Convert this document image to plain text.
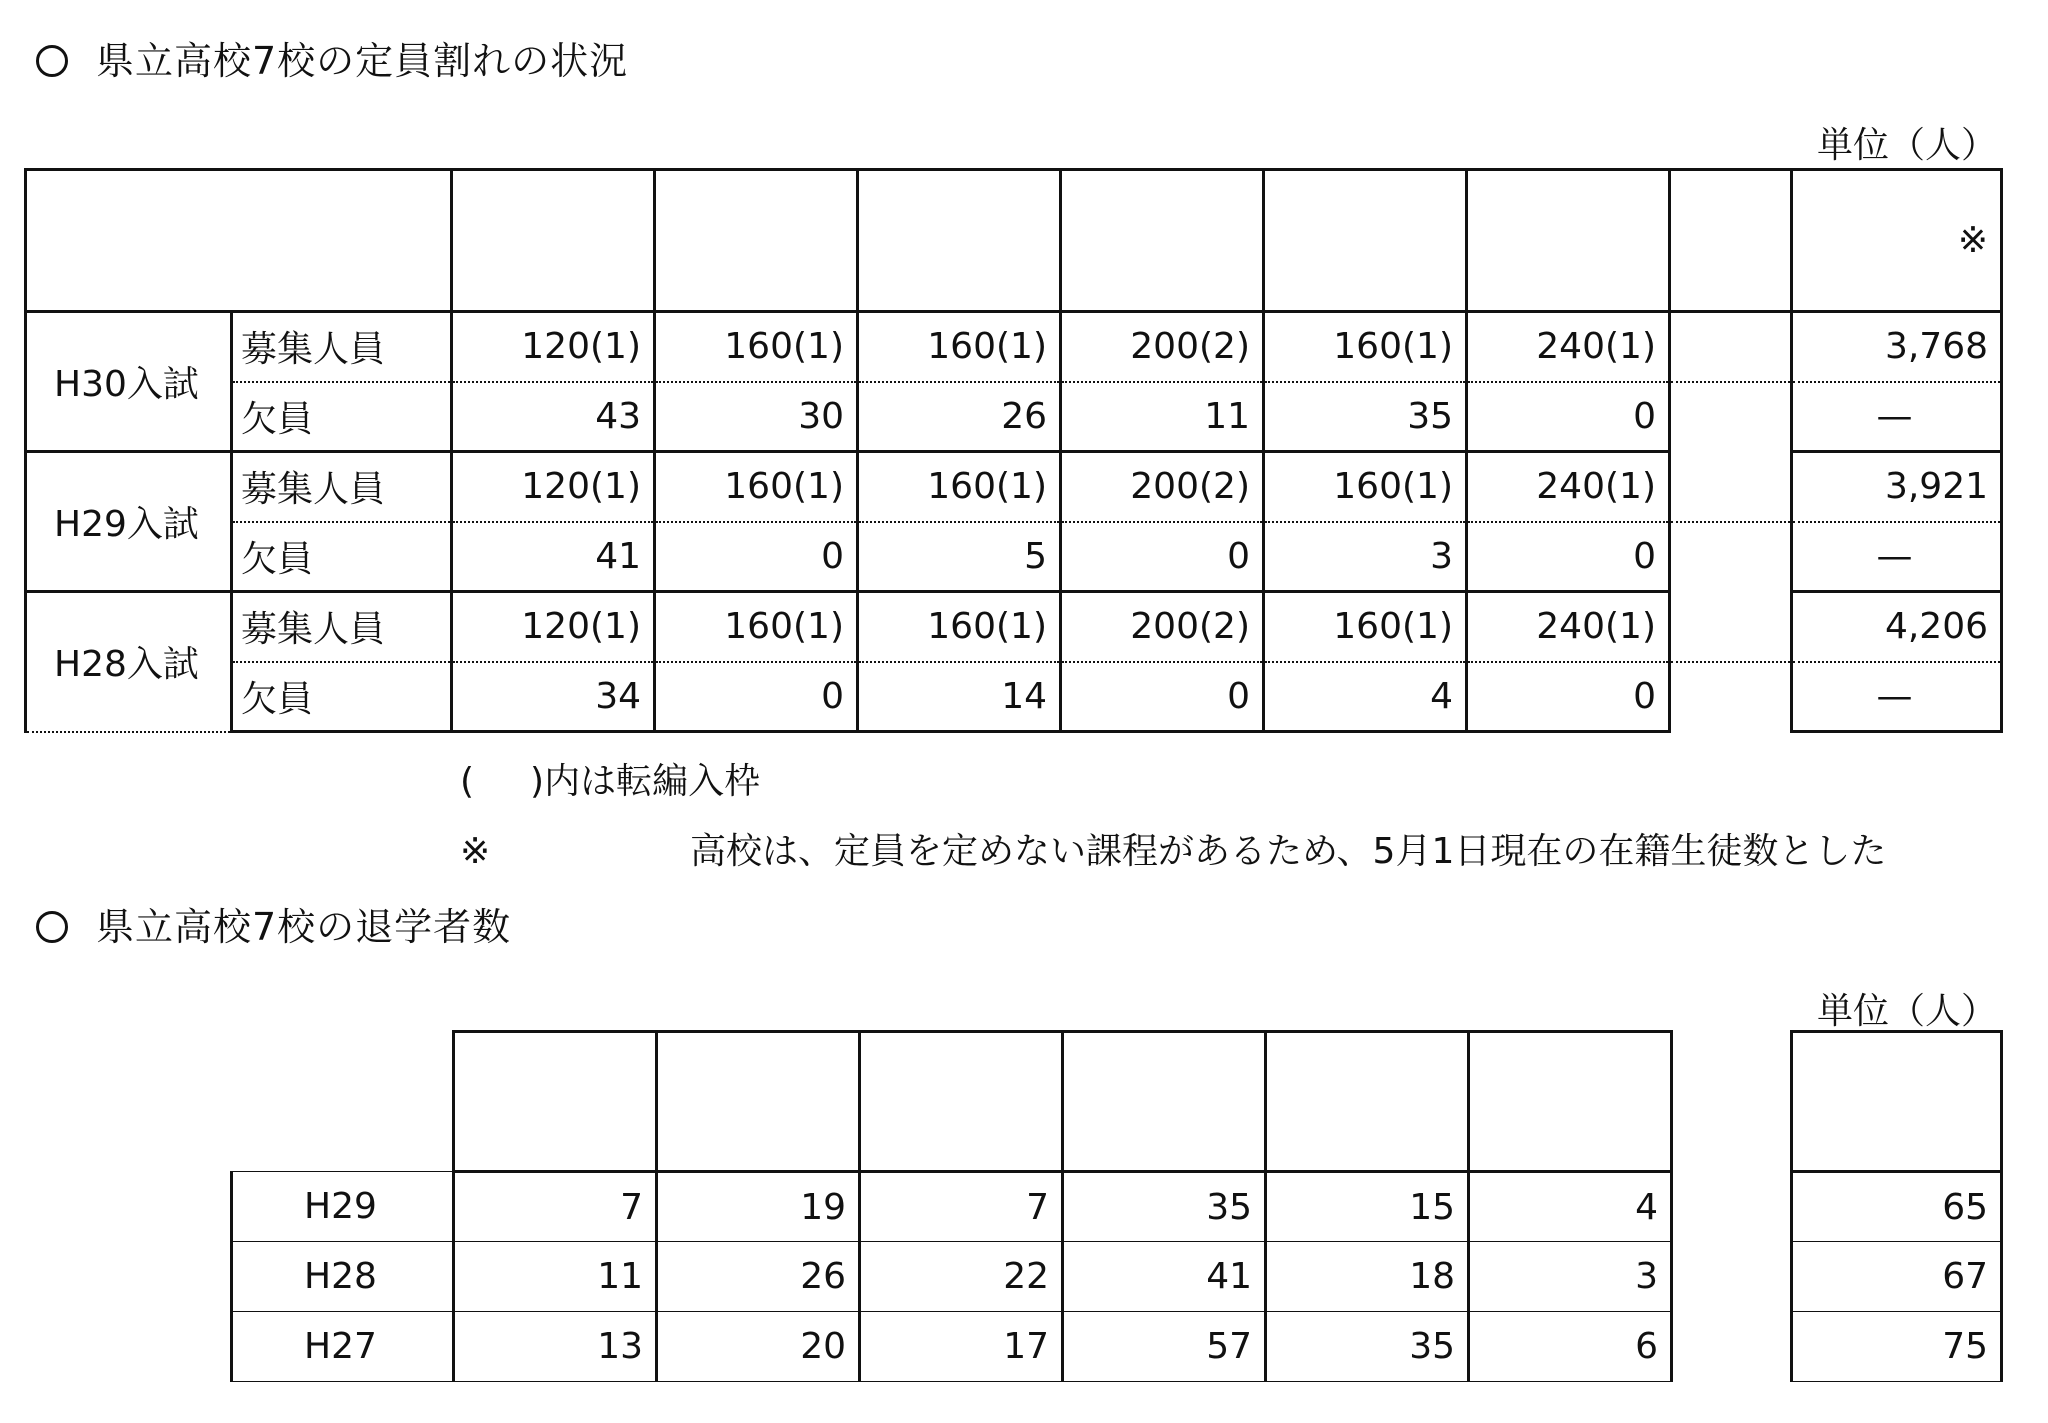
県立高校7校の定員割れの状況
単位（人）
									※
H30入試	募集人員	120(1)	160(1)	160(1)	200(2)	160(1)	240(1)		3,768
	欠員	43	30	26	11	35	0		—
H29入試	募集人員	120(1)	160(1)	160(1)	200(2)	160(1)	240(1)		3,921
	欠員	41	0	5	0	3	0		—
H28入試	募集人員	120(1)	160(1)	160(1)	200(2)	160(1)	240(1)		4,206
	欠員	34	0	14	0	4	0		—
( )内は転編入枠
※	高校は、定員を定めない課程があるため、5月1日現在の在籍生徒数とした
県立高校7校の退学者数
単位（人）

H29	7	19	7	35	15	4		65
H28	11	26	22	41	18	3		67
H27	13	20	17	57	35	6		75
